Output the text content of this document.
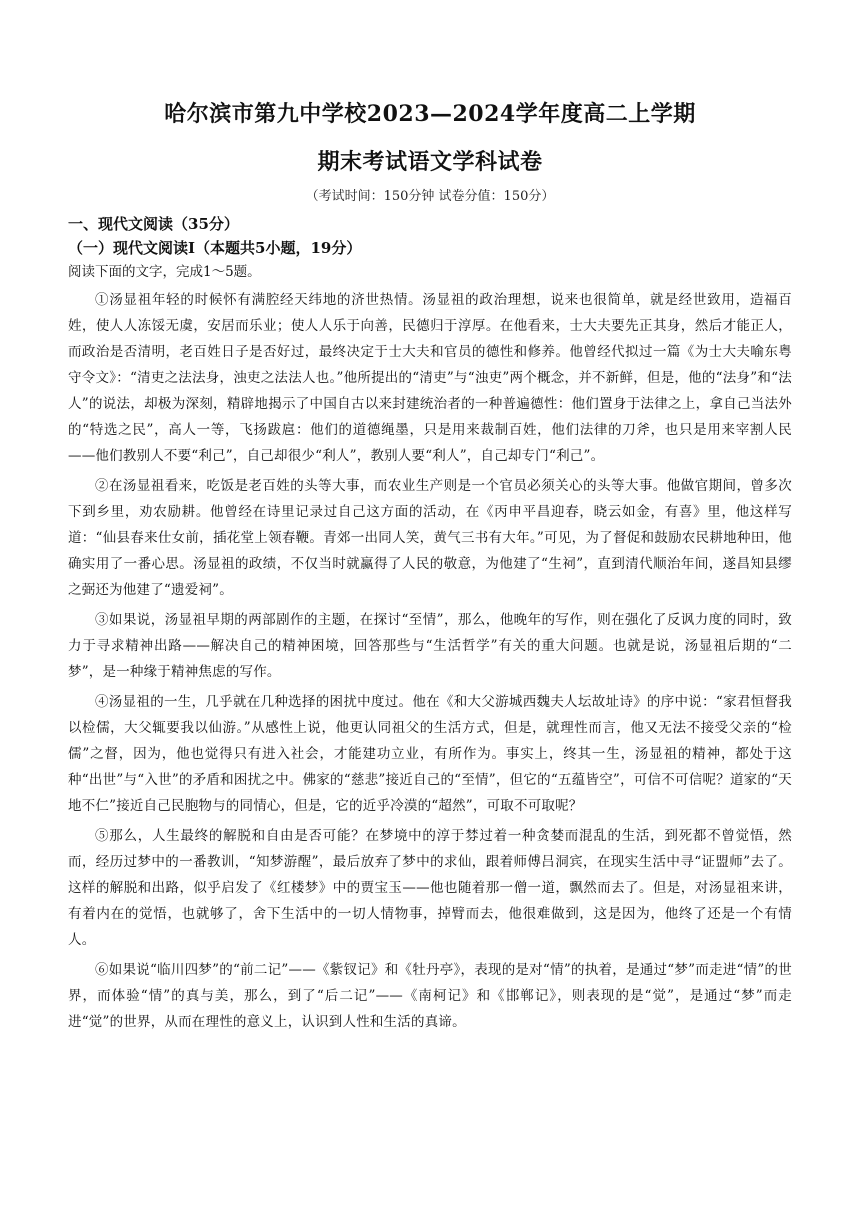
哈尔滨市第九中学校2023—2024学年度高二上学期
期末考试语文学科试卷
（考试时间：150分钟 试卷分值：150分）
一、现代文阅读（35分）
（一）现代文阅读Ⅰ（本题共5小题，19分）
阅读下面的文字，完成1～5题。

①汤显祖年轻的时候怀有满腔经天纬地的济世热情。汤显祖的政治理想，说来也很简单，就是经世致用，造福百姓，使人人冻馁无虞，安居而乐业；使人人乐于向善，民德归于淳厚。在他看来，士大夫要先正其身，然后才能正人，而政治是否清明，老百姓日子是否好过，最终决定于士大夫和官员的德性和修养。他曾经代拟过一篇《为士大夫喻东粤守令文》：“清吏之法法身，浊吏之法法人也。”他所提出的“清吏”与“浊吏”两个概念，并不新鲜，但是，他的“法身”和“法人”的说法，却极为深刻，精辟地揭示了中国自古以来封建统治者的一种普遍德性：他们置身于法律之上，拿自己当法外的“特选之民”，高人一等，飞扬跋扈：他们的道德绳墨，只是用来裁制百姓，他们法律的刀斧，也只是用来宰割人民——他们教别人不要“利己”，自己却很少“利人”，教别人要“利人”，自己却专门“利己”。

②在汤显祖看来，吃饭是老百姓的头等大事，而农业生产则是一个官员必须关心的头等大事。他做官期间，曾多次下到乡里，劝农励耕。他曾经在诗里记录过自己这方面的活动，在《丙申平昌迎春，晓云如金，有喜》里，他这样写道：“仙县春来仕女前，插花堂上领春鞭。青郊一出同人笑，黄气三书有大年。”可见，为了督促和鼓励农民耕地种田，他确实用了一番心思。汤显祖的政绩，不仅当时就赢得了人民的敬意，为他建了“生祠”，直到清代顺治年间，遂昌知县缪之弼还为他建了“遗爱祠”。

③如果说，汤显祖早期的两部剧作的主题，在探讨“至情”，那么，他晚年的写作，则在强化了反讽力度的同时，致力于寻求精神出路——解决自己的精神困境，回答那些与“生活哲学”有关的重大问题。也就是说，汤显祖后期的“二梦”，是一种缘于精神焦虑的写作。

④汤显祖的一生，几乎就在几种选择的困扰中度过。他在《和大父游城西魏夫人坛故址诗》的序中说：“家君恒督我以检儒，大父辄要我以仙游。”从感性上说，他更认同祖父的生活方式，但是，就理性而言，他又无法不接受父亲的“检儒”之督，因为，他也觉得只有进入社会，才能建功立业，有所作为。事实上，终其一生，汤显祖的精神，都处于这种“出世”与“入世”的矛盾和困扰之中。佛家的“慈悲”接近自己的“至情”，但它的“五蕴皆空”，可信不可信呢？道家的“天地不仁”接近自己民胞物与的同情心，但是，它的近乎冷漠的“超然”，可取不可取呢？

⑤那么，人生最终的解脱和自由是否可能？在梦境中的淳于棼过着一种贪婪而混乱的生活，到死都不曾觉悟，然而，经历过梦中的一番教训，“知梦游醒”，最后放弃了梦中的求仙，跟着师傅吕洞宾，在现实生活中寻“证盟师”去了。这样的解脱和出路，似乎启发了《红楼梦》中的贾宝玉——他也随着那一僧一道，飘然而去了。但是，对汤显祖来讲，有着内在的觉悟，也就够了，舍下生活中的一切人情物事，掉臂而去，他很难做到，这是因为，他终了还是一个有情人。

⑥如果说“临川四梦”的“前二记”——《紫钗记》和《牡丹亭》，表现的是对“情”的执着，是通过“梦”而走进“情”的世界，而体验“情”的真与美，那么，到了“后二记”——《南柯记》和《邯郸记》，则表现的是“觉”，是通过“梦”而走进“觉”的世界，从而在理性的意义上，认识到人性和生活的真谛。
